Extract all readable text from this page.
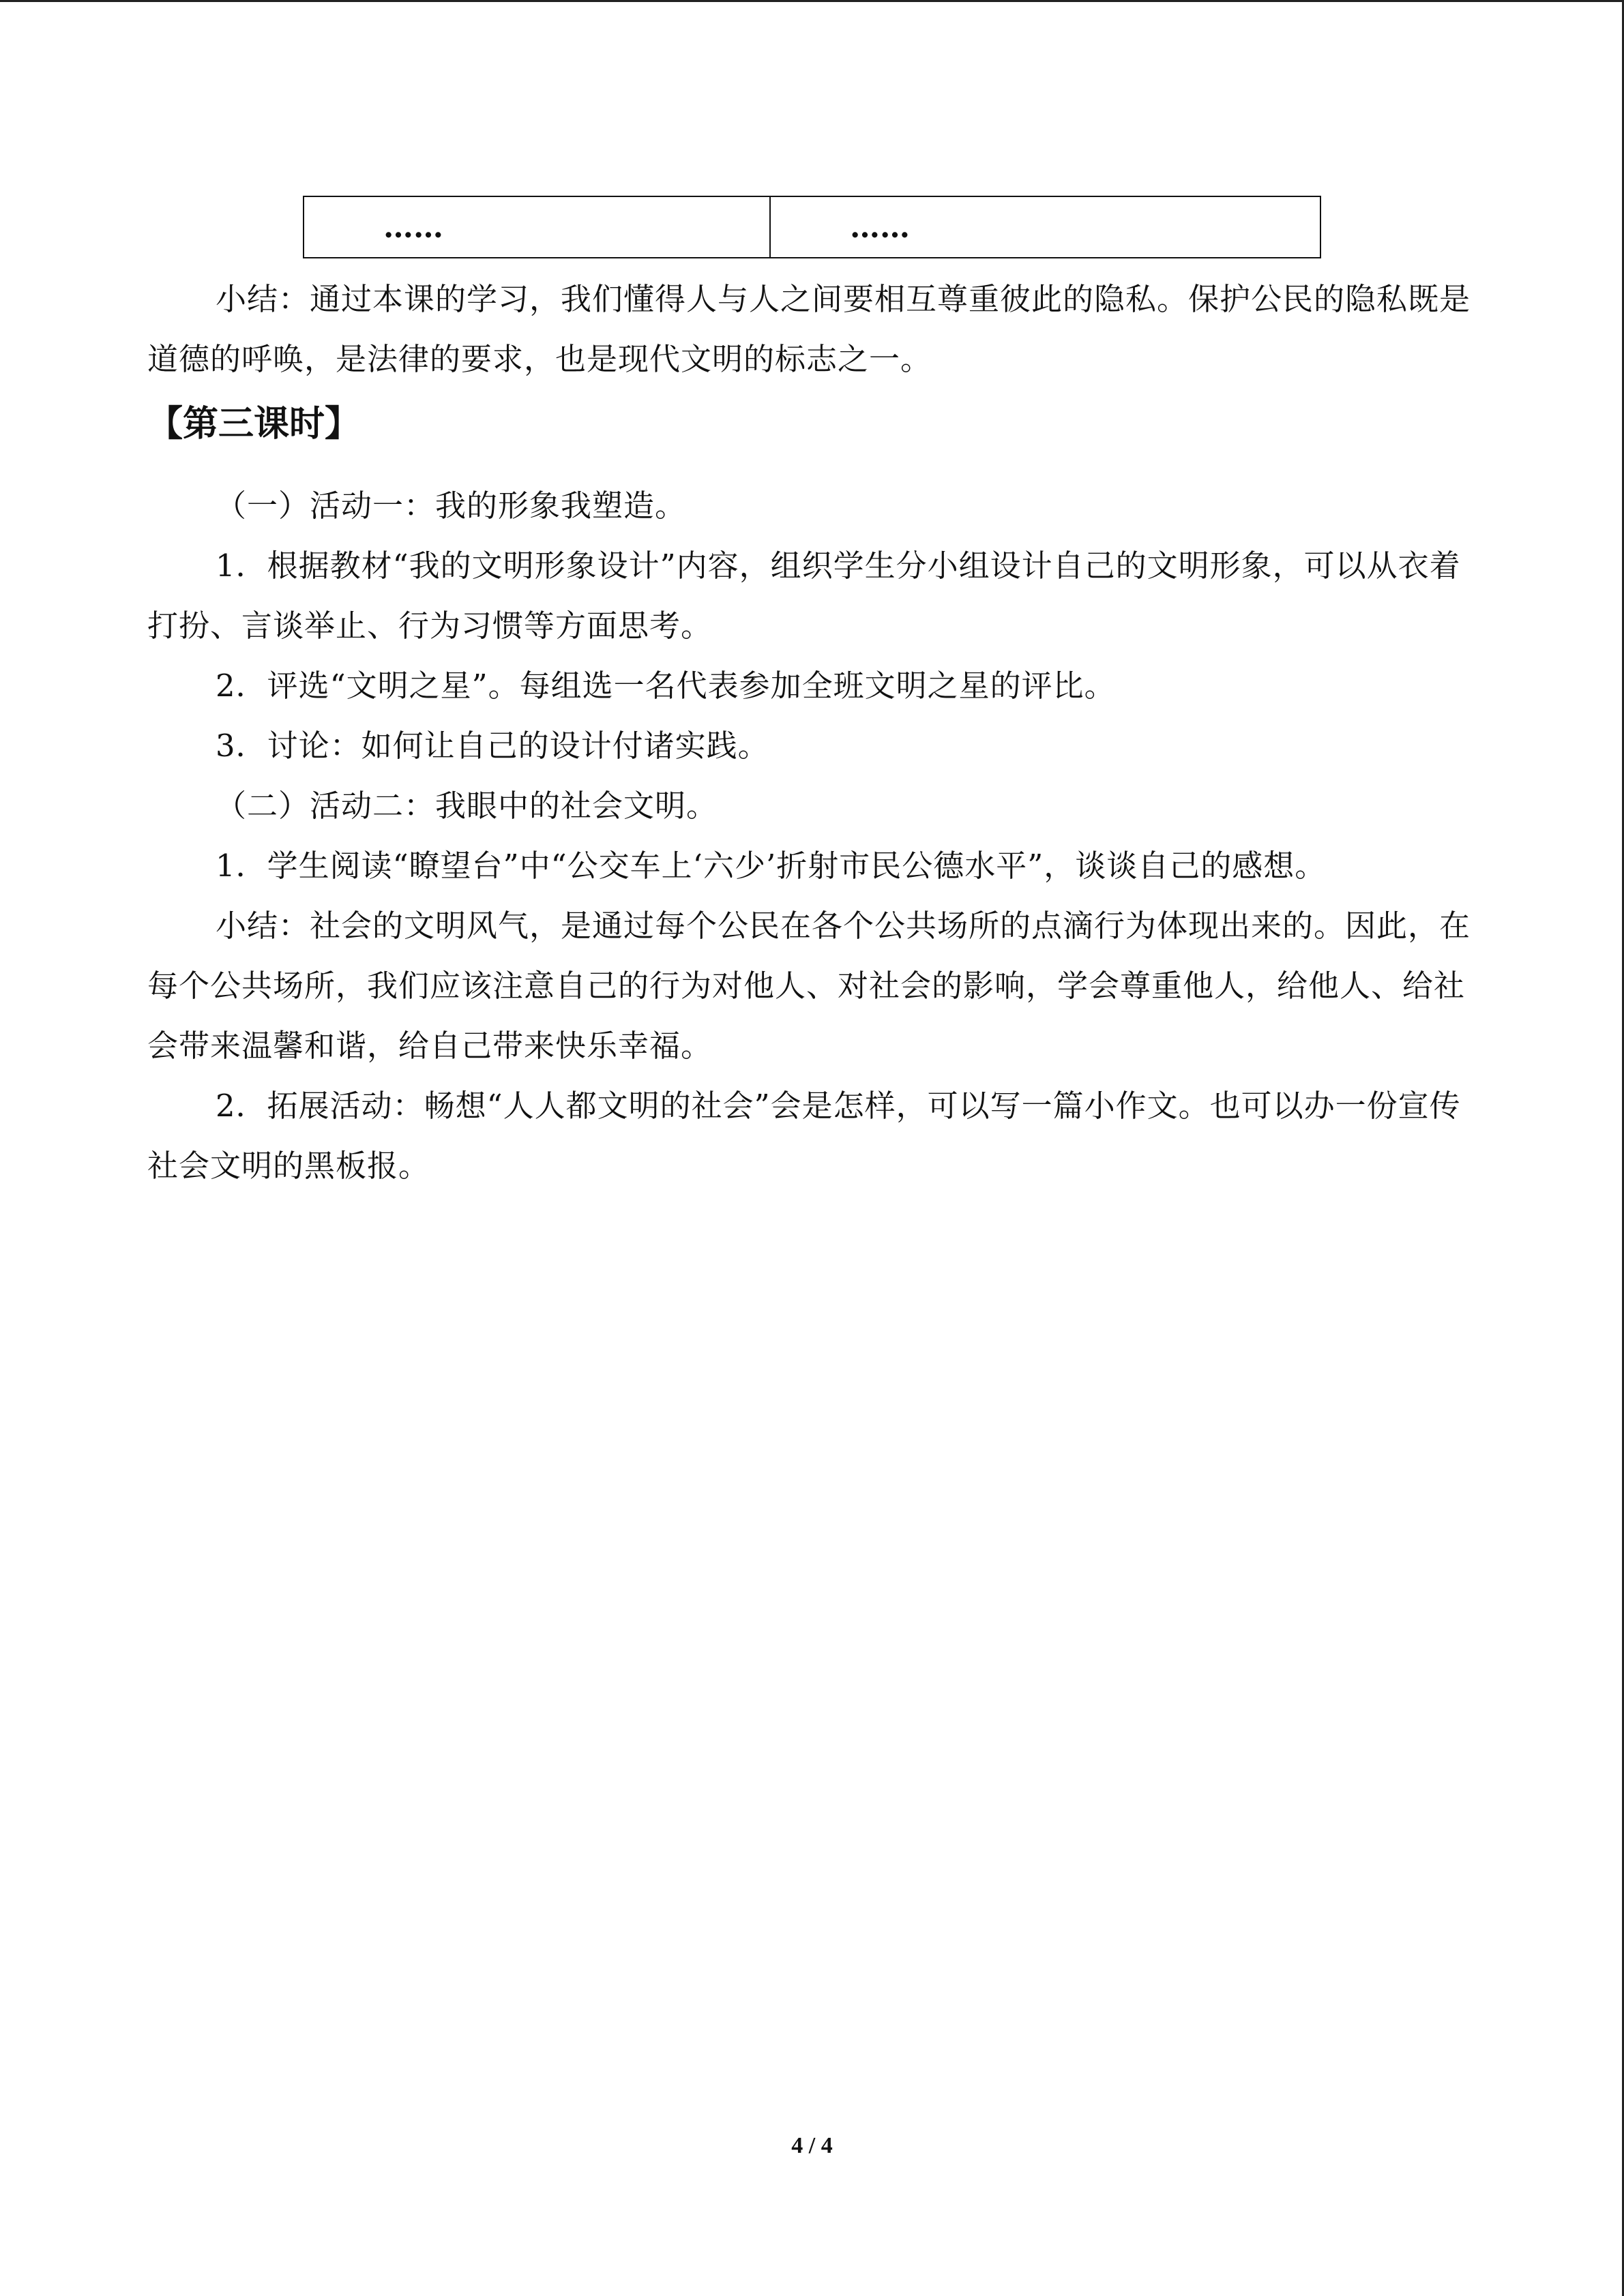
……	……

小结：通过本课的学习，我们懂得人与人之间要相互尊重彼此的隐私。保护公民的隐私既是道德的呼唤，是法律的要求，也是现代文明的标志之一。

【第三课时】

（一）活动一：我的形象我塑造。

1．根据教材“我的文明形象设计”内容，组织学生分小组设计自己的文明形象，可以从衣着打扮、言谈举止、行为习惯等方面思考。

2．评选“文明之星”。每组选一名代表参加全班文明之星的评比。

3．讨论：如何让自己的设计付诸实践。

（二）活动二：我眼中的社会文明。

1．学生阅读“瞭望台”中“公交车上‘六少’折射市民公德水平”，谈谈自己的感想。

小结：社会的文明风气，是通过每个公民在各个公共场所的点滴行为体现出来的。因此，在每个公共场所，我们应该注意自己的行为对他人、对社会的影响，学会尊重他人，给他人、给社会带来温馨和谐，给自己带来快乐幸福。

2．拓展活动：畅想“人人都文明的社会”会是怎样，可以写一篇小作文。也可以办一份宣传社会文明的黑板报。

4 / 4
